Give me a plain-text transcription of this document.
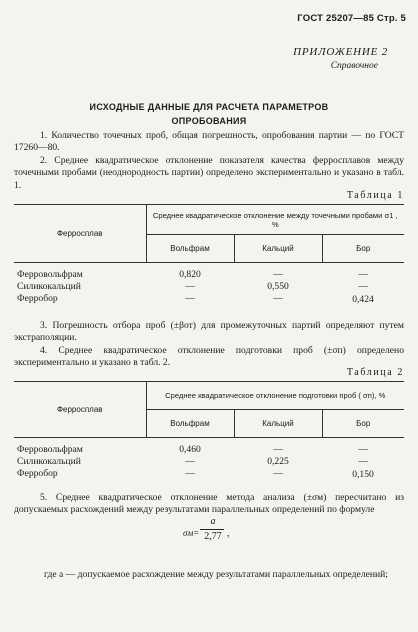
ГОСТ 25207—85 Стр. 5
ПРИЛОЖЕНИЕ 2
Справочное
ИСХОДНЫЕ ДАННЫЕ ДЛЯ РАСЧЕТА ПАРАМЕТРОВ
ОПРОБОВАНИЯ
1. Количество точечных проб, общая погрешность, опробования партии — по ГОСТ 17260—80.
2. Среднее квадратическое отклонение показателя качества ферросплавов между точечными пробами (неоднородность партии) определено экспериментально и указано в табл. 1.
Таблица 1
Ферросплав	Среднее квадратическое отклонение между точечными пробами σ1 , %		
	Вольфрам	Кальций	Бор

Ферровольфрам	0,820	—	—
Силикокальций	—	0,550	—
Ферробор	—	—	0,424
3. Погрешность отбора проб (±βот) для промежуточных партий определяют путем экстраполяции.
4. Среднее квадратическое отклонение подготовки проб (±σп) определено экспериментально и указано в табл. 2.
Таблица 2
Ферросплав	Среднее квадратическое отклонение подготовки проб ( σп), %		
	Вольфрам	Кальций	Бор

Ферровольфрам	0,460	—	—
Силикокальций	—	0,225	—
Ферробор	—	—	0,150
5. Среднее квадратическое отклонение метода анализа (±σм) пересчитано из допускаемых расхождений между результатами параллельных определений по формуле
σм=
a
2,77 ,
где a — допускаемое расхождение между результатами параллельных определений;
